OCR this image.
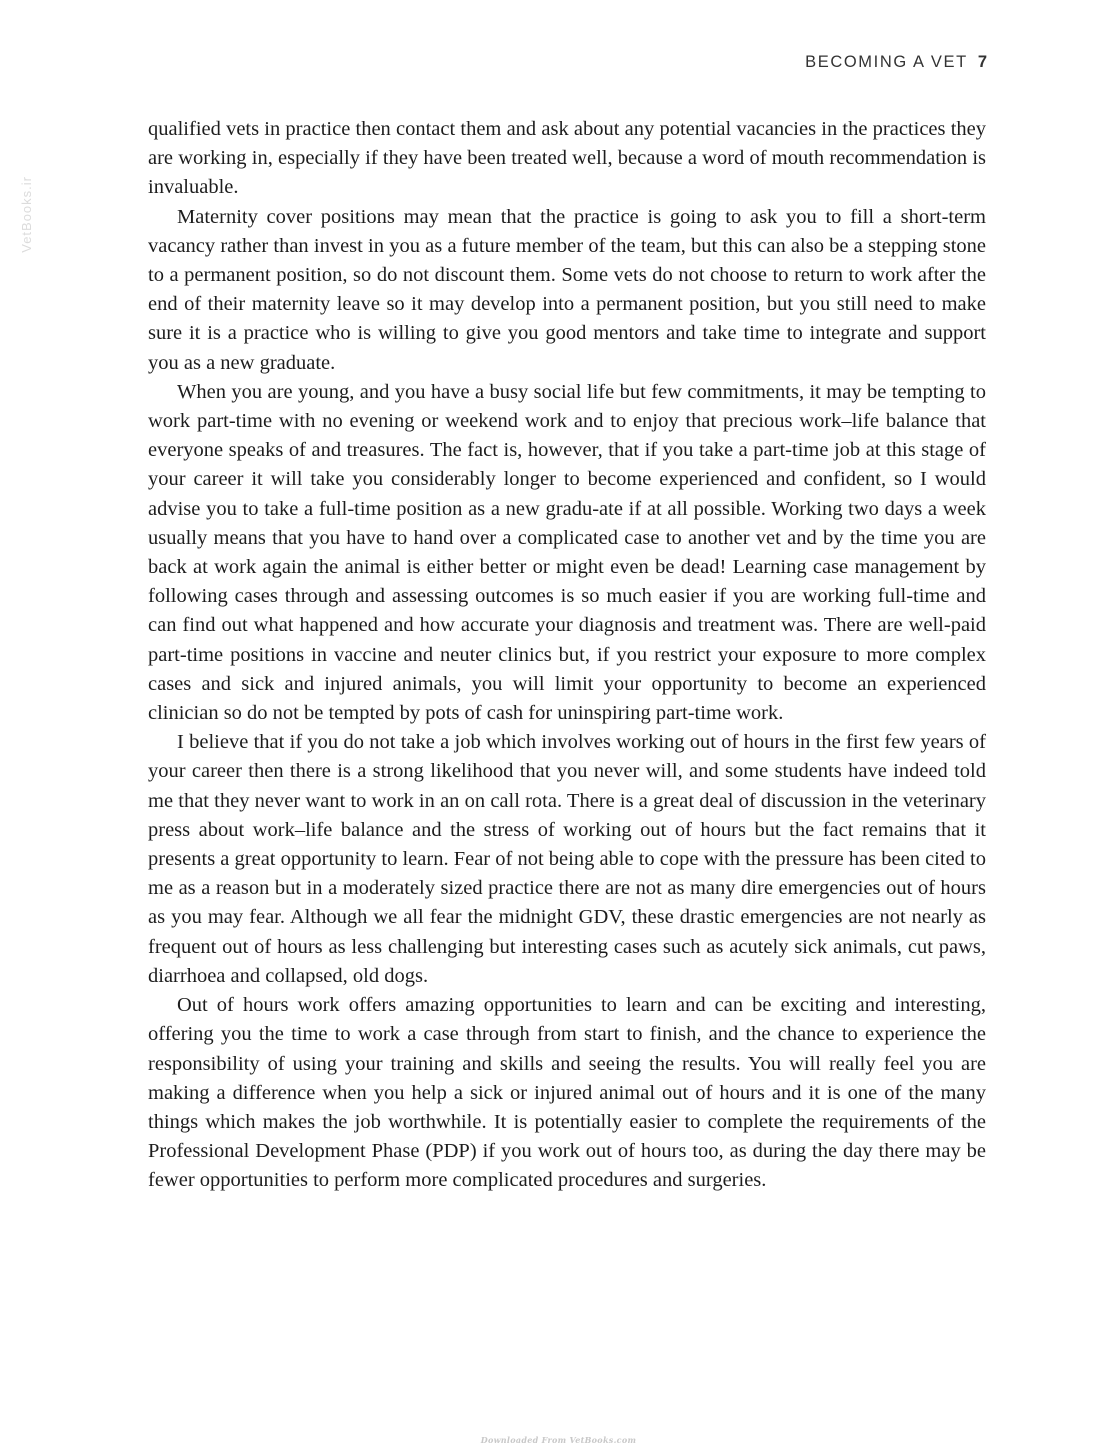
BECOMING A VET 7
VetBooks.ir

qualified vets in practice then contact them and ask about any potential vacancies in the practices they are working in, especially if they have been treated well, because a word of mouth recommendation is invaluable.

Maternity cover positions may mean that the practice is going to ask you to fill a short-term vacancy rather than invest in you as a future member of the team, but this can also be a stepping stone to a permanent position, so do not discount them. Some vets do not choose to return to work after the end of their maternity leave so it may develop into a permanent position, but you still need to make sure it is a practice who is willing to give you good mentors and take time to integrate and support you as a new graduate.

When you are young, and you have a busy social life but few commitments, it may be tempting to work part-time with no evening or weekend work and to enjoy that precious work–life balance that everyone speaks of and treasures. The fact is, however, that if you take a part-time job at this stage of your career it will take you considerably longer to become experienced and confident, so I would advise you to take a full-time position as a new gradu-ate if at all possible. Working two days a week usually means that you have to hand over a complicated case to another vet and by the time you are back at work again the animal is either better or might even be dead! Learning case management by following cases through and assessing outcomes is so much easier if you are working full-time and can find out what happened and how accurate your diagnosis and treatment was. There are well-paid part-time positions in vaccine and neuter clinics but, if you restrict your exposure to more complex cases and sick and injured animals, you will limit your opportunity to become an experienced clinician so do not be tempted by pots of cash for uninspiring part-time work.

I believe that if you do not take a job which involves working out of hours in the first few years of your career then there is a strong likelihood that you never will, and some students have indeed told me that they never want to work in an on call rota. There is a great deal of discussion in the veterinary press about work–life balance and the stress of working out of hours but the fact remains that it presents a great opportunity to learn. Fear of not being able to cope with the pressure has been cited to me as a reason but in a moderately sized practice there are not as many dire emergencies out of hours as you may fear. Although we all fear the midnight GDV, these drastic emergencies are not nearly as frequent out of hours as less challenging but interesting cases such as acutely sick animals, cut paws, diarrhoea and collapsed, old dogs.

Out of hours work offers amazing opportunities to learn and can be exciting and interesting, offering you the time to work a case through from start to finish, and the chance to experience the responsibility of using your training and skills and seeing the results. You will really feel you are making a difference when you help a sick or injured animal out of hours and it is one of the many things which makes the job worthwhile. It is potentially easier to complete the requirements of the Professional Development Phase (PDP) if you work out of hours too, as during the day there may be fewer opportunities to perform more complicated procedures and surgeries.

Downloaded From VetBooks.com
